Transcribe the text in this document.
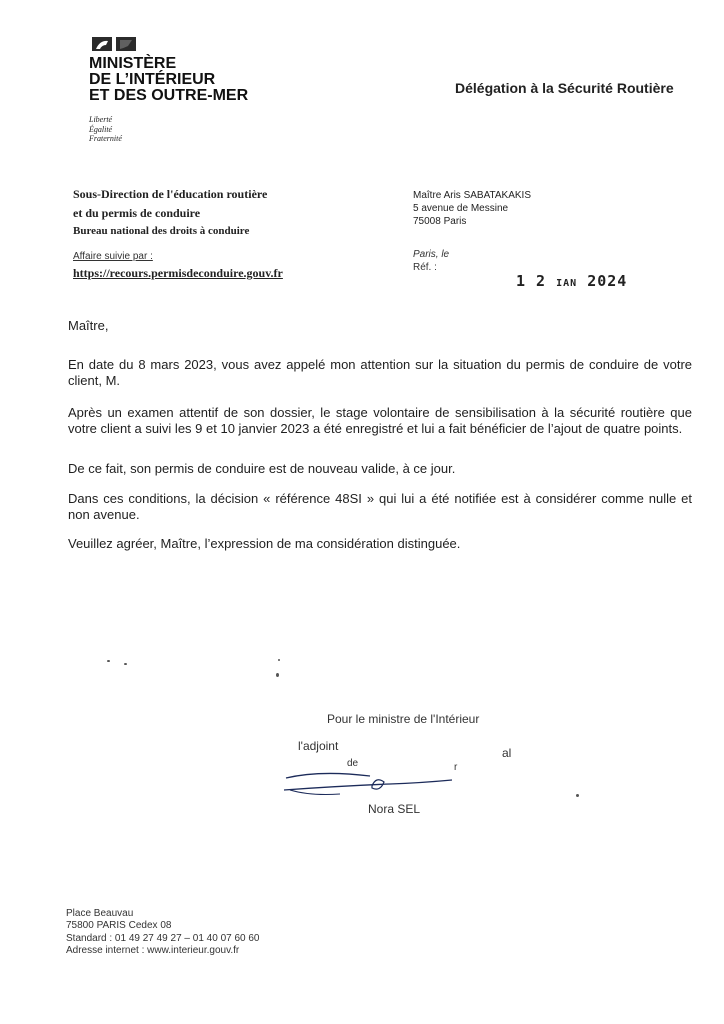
MINISTÈRE
DE L’INTÉRIEUR
ET DES OUTRE-MER
Liberté
Égalité
Fraternité
Délégation à la Sécurité Routière
Sous-Direction de l'éducation routière
et du permis de conduire
Bureau national des droits à conduire
Maître Aris SABATAKAKIS
5 avenue de Messine
75008 Paris
Affaire suivie par :
https://recours.permisdeconduire.gouv.fr
Paris, le
Réf. :
1 2 IAN 2024
Maître,
En date du 8 mars 2023, vous avez appelé mon attention sur la situation du permis de conduire de votre client, M.
Après un examen attentif de son dossier, le stage volontaire de sensibilisation à la sécurité routière que votre client a suivi les 9 et 10 janvier 2023 a été enregistré et lui a fait bénéficier de l’ajout de quatre points.
De ce fait, son permis de conduire est de nouveau valide, à ce jour.
Dans ces conditions, la décision « référence 48SI » qui lui a été notifiée est à considérer comme nulle et non avenue.
Veuillez agréer, Maître, l’expression de ma considération distinguée.
Pour le ministre de l'Intérieur
l'adjoint	al
de	r
Nora SEL
Place Beauvau
75800 PARIS Cedex 08
Standard : 01 49 27 49 27 – 01 40 07 60 60
Adresse internet : www.interieur.gouv.fr
